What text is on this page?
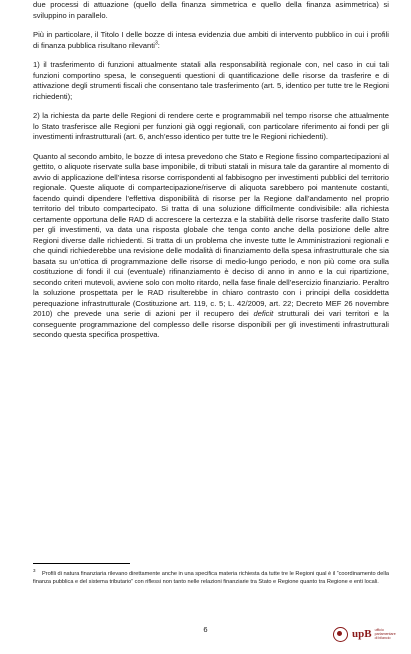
due processi di attuazione (quello della finanza simmetrica e quello della finanza asimmetrica) si sviluppino in parallelo.

Più in particolare, il Titolo I delle bozze di intesa evidenzia due ambiti di intervento pubblico in cui i profili di finanza pubblica risultano rilevanti$^3$:

1) il trasferimento di funzioni attualmente statali alla responsabilità regionale con, nel caso in cui tali funzioni comportino spesa, le conseguenti questioni di quantificazione delle risorse da trasferire e di attivazione degli strumenti fiscali che consentano tale trasferimento (art. 5, identico per tutte tre le Regioni richiedenti);

2) la richiesta da parte delle Regioni di rendere certe e programmabili nel tempo risorse che attualmente lo Stato trasferisce alle Regioni per funzioni già oggi regionali, con particolare riferimento ai fondi per gli investimenti infrastrutturali (art. 6, anch’esso identico per tutte tre le Regioni richiedenti).

Quanto al secondo ambito, le bozze di intesa prevedono che Stato e Regione fissino compartecipazioni al gettito, o aliquote riservate sulla base imponibile, di tributi statali in misura tale da garantire al momento di avvio di applicazione dell’intesa risorse corrispondenti al fabbisogno per investimenti pubblici del territorio regionale. Queste aliquote di compartecipazione/riserve di aliquota sarebbero poi mantenute costanti, facendo quindi dipendere l’effettiva disponibilità di risorse per la Regione dall’andamento nel proprio territorio del tributo compartecipato. Si tratta di una soluzione difficilmente condivisibile: alla richiesta certamente opportuna delle RAD di accrescere la certezza e la stabilità delle risorse trasferite dallo Stato per gli investimenti, va data una risposta globale che tenga conto anche della posizione delle altre Regioni diverse dalle richiedenti. Si tratta di un problema che investe tutte le Amministrazioni regionali e che quindi richiederebbe una revisione delle modalità di finanziamento della spesa infrastrutturale che sia basata su un’ottica di programmazione delle risorse di medio-lungo periodo, e non più come ora sulla costituzione di fondi il cui (eventuale) rifinanziamento è deciso di anno in anno e la cui ripartizione, secondo criteri mutevoli, avviene solo con molto ritardo, nella fase finale dell’esercizio finanziario. Peraltro la soluzione prospettata per le RAD risulterebbe in chiaro contrasto con i principi della cosiddetta perequazione infrastrutturale (Costituzione art. 119, c. 5; L. 42/2009, art. 22; Decreto MEF 26 novembre 2010) che prevede una serie di azioni per il recupero dei deficit strutturali dei vari territori e la conseguente programmazione del complesso delle risorse disponibili per gli investimenti infrastrutturali secondo questa specifica prospettiva.

$^3$Profili di natura finanziaria rilevano direttamente anche in una specifica materia richiesta da tutte tre le Regioni qual è il “coordinamento della finanza pubblica e del sistema tributario” con riflessi non tanto nelle relazioni finanziarie tra Stato e Regione quanto tra Regione e enti locali.
6	upB ufficio
parlamentare
di bilancio
